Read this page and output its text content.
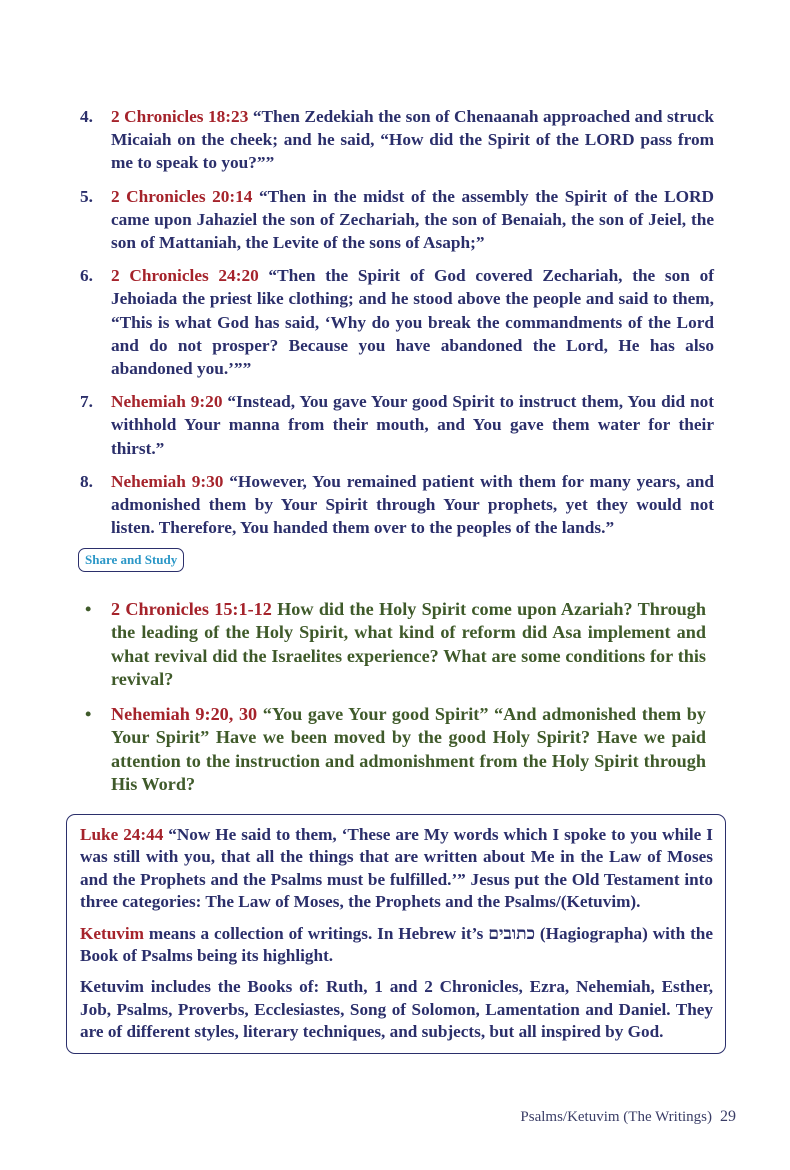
4. 2 Chronicles 18:23 “Then Zedekiah the son of Chenaanah approached and struck Micaiah on the cheek; and he said, “How did the Spirit of the LORD pass from me to speak to you?””
5. 2 Chronicles 20:14 “Then in the midst of the assembly the Spirit of the LORD came upon Jahaziel the son of Zechariah, the son of Benaiah, the son of Jeiel, the son of Mattaniah, the Levite of the sons of Asaph;”
6. 2 Chronicles 24:20 “Then the Spirit of God covered Zechariah, the son of Jehoiada the priest like clothing; and he stood above the people and said to them, “This is what God has said, ‘Why do you break the commandments of the Lord and do not prosper? Because you have abandoned the Lord, He has also abandoned you.’””
7. Nehemiah 9:20 “Instead, You gave Your good Spirit to instruct them, You did not withhold Your manna from their mouth, and You gave them water for their thirst.”
8. Nehemiah 9:30 “However, You remained patient with them for many years, and admonished them by Your Spirit through Your prophets, yet they would not listen. Therefore, You handed them over to the peoples of the lands.”
Share and Study
• 2 Chronicles 15:1-12 How did the Holy Spirit come upon Azariah? Through the leading of the Holy Spirit, what kind of reform did Asa implement and what revival did the Israelites experience? What are some conditions for this revival?
• Nehemiah 9:20, 30 “You gave Your good Spirit” “And admonished them by Your Spirit” Have we been moved by the good Holy Spirit? Have we paid attention to the instruction and admonishment from the Holy Spirit through His Word?

Luke 24:44 “Now He said to them, ‘These are My words which I spoke to you while I was still with you, that all the things that are written about Me in the Law of Moses and the Prophets and the Psalms must be fulfilled.’” Jesus put the Old Testament into three categories: The Law of Moses, the Prophets and the Psalms/(Ketuvim).

Ketuvim means a collection of writings. In Hebrew it’s כתובים (Hagiographa) with the Book of Psalms being its highlight.

Ketuvim includes the Books of: Ruth, 1 and 2 Chronicles, Ezra, Nehemiah, Esther, Job, Psalms, Proverbs, Ecclesiastes, Song of Solomon, Lamentation and Daniel. They are of different styles, literary techniques, and subjects, but all inspired by God.

Psalms/Ketuvim (The Writings) 29
